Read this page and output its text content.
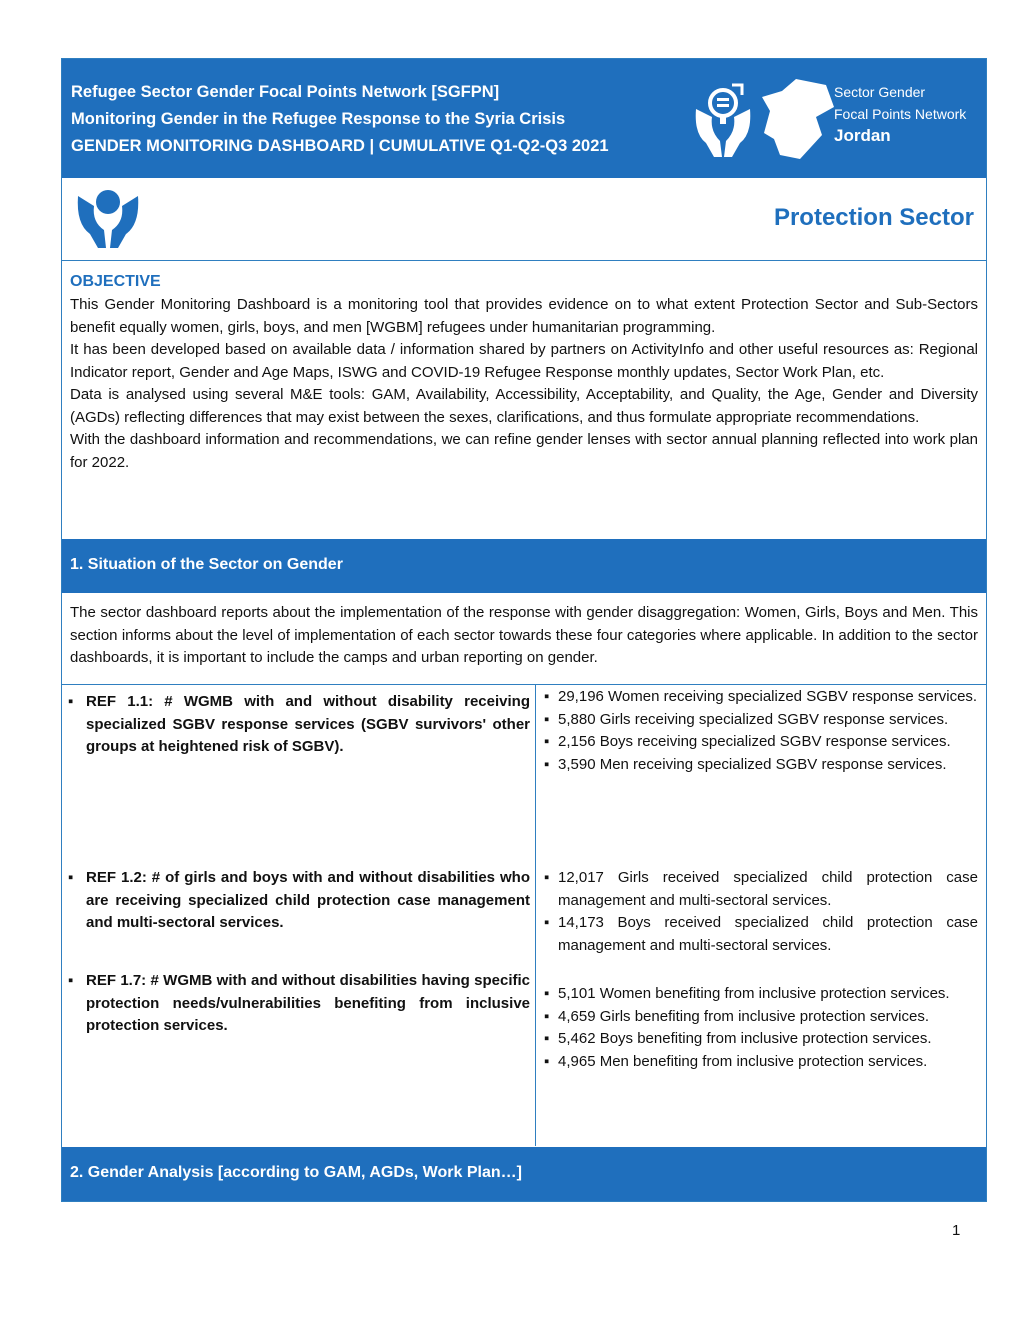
Refugee Sector Gender Focal Points Network [SGFPN]
Monitoring Gender in the Refugee Response to the Syria Crisis
GENDER MONITORING DASHBOARD | CUMULATIVE Q1-Q2-Q3 2021
Sector Gender
Focal Points Network
Jordan
Protection Sector
OBJECTIVE

This Gender Monitoring Dashboard is a monitoring tool that provides evidence on to what extent Protection Sector and Sub-Sectors benefit equally women, girls, boys, and men [WGBM] refugees under humanitarian programming.

It has been developed based on available data / information shared by partners on ActivityInfo and other useful resources as: Regional Indicator report, Gender and Age Maps, ISWG and COVID-19 Refugee Response monthly updates, Sector Work Plan, etc.

Data is analysed using several M&E tools: GAM, Availability, Accessibility, Acceptability, and Quality, the Age, Gender and Diversity (AGDs) reflecting differences that may exist between the sexes, clarifications, and thus formulate appropriate recommendations.

With the dashboard information and recommendations, we can refine gender lenses with sector annual planning reflected into work plan for 2022.

1. Situation of the Sector on Gender
The sector dashboard reports about the implementation of the response with gender disaggregation: Women, Girls, Boys and Men. This section informs about the level of implementation of each sector towards these four categories where applicable. In addition to the sector dashboards, it is important to include the camps and urban reporting on gender.
▪ REF 1.1: # WGMB with and without disability receiving specialized SGBV response services (SGBV survivors' other groups at heightened risk of SGBV).
▪ 29,196 Women receiving specialized SGBV response services.
▪ 5,880 Girls receiving specialized SGBV response services.
▪ 2,156 Boys receiving specialized SGBV response services.
▪ 3,590 Men receiving specialized SGBV response services.
▪ REF 1.2: # of girls and boys with and without disabilities who are receiving specialized child protection case management and multi-sectoral services.
▪ 12,017 Girls received specialized child protection case management and multi-sectoral services.
▪ 14,173 Boys received specialized child protection case management and multi-sectoral services.
▪ REF 1.7: # WGMB with and without disabilities having specific protection needs/vulnerabilities benefiting from inclusive protection services.
▪ 5,101 Women benefiting from inclusive protection services.
▪ 4,659 Girls benefiting from inclusive protection services.
▪ 5,462 Boys benefiting from inclusive protection services.
▪ 4,965 Men benefiting from inclusive protection services.
2. Gender Analysis [according to GAM, AGDs, Work Plan…]
1
